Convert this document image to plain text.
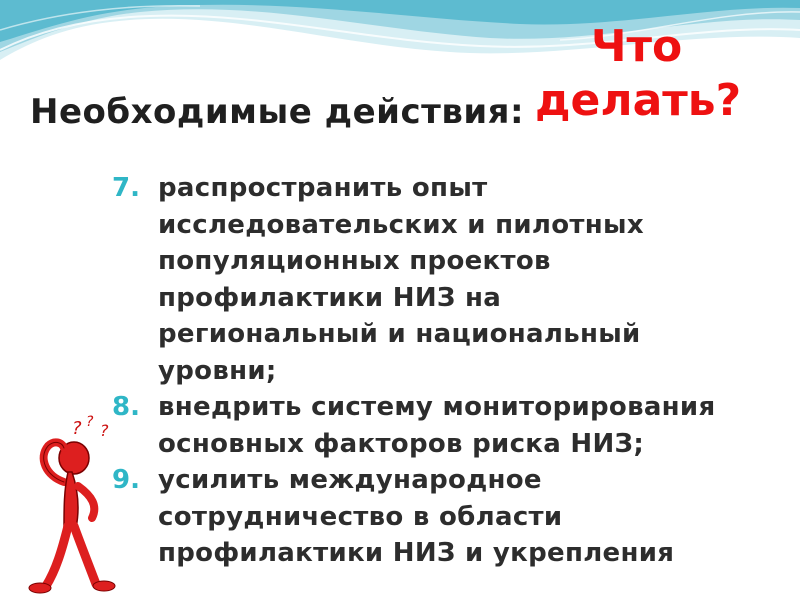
Необходимые действия:
Что
делать?
7. распространить опыт
исследовательских и пилотных
популяционных проектов
профилактики НИЗ на
региональный и национальный
уровни;
8. внедрить систему мониторирования
основных факторов риска НИЗ;
9. усилить международное
сотрудничество в области
профилактики НИЗ и укрепления
? ? ?
